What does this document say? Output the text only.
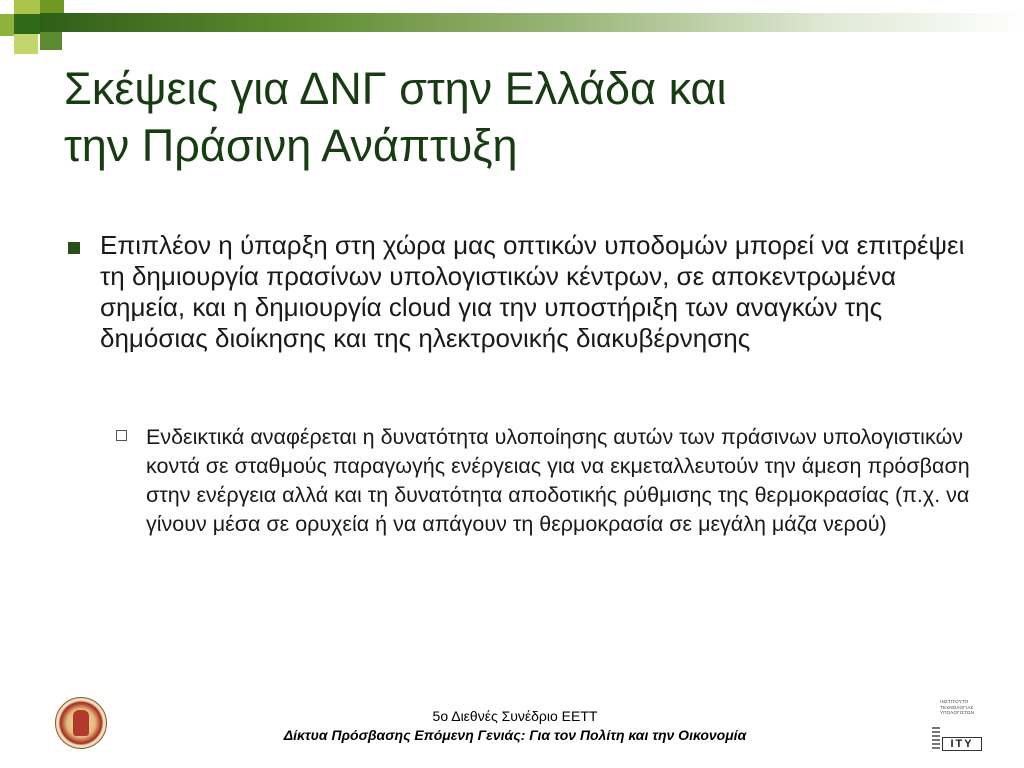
Σκέψεις για ΔΝΓ στην Ελλάδα και
την Πράσινη Ανάπτυξη
Επιπλέον η ύπαρξη στη χώρα μας οπτικών υποδομών μπορεί να επιτρέψει τη δημιουργία πρασίνων υπολογιστικών κέντρων, σε αποκεντρωμένα σημεία, και η δημιουργία cloud για την υποστήριξη των αναγκών της δημόσιας διοίκησης και της ηλεκτρονικής διακυβέρνησης
Ενδεικτικά αναφέρεται η δυνατότητα υλοποίησης αυτών των πράσινων υπολογιστικών κοντά σε σταθμούς παραγωγής ενέργειας για να εκμεταλλευτούν την άμεση πρόσβαση στην ενέργεια αλλά και τη δυνατότητα αποδοτικής ρύθμισης της θερμοκρασίας (π.χ. να γίνουν μέσα σε ορυχεία ή να απάγουν τη θερμοκρασία σε μεγάλη μάζα νερού)
5ο Διεθνές Συνέδριο ΕΕΤΤ
Δίκτυα Πρόσβασης Επόμενη Γενιάς: Για τον Πολίτη και την Οικονομία
ΙΝΣΤΙΤΟΥΤΟ ΤΕΧΝΟΛΟΓΙΑΣ ΥΠΟΛΟΓΙΣΤΩΝ
ITY
